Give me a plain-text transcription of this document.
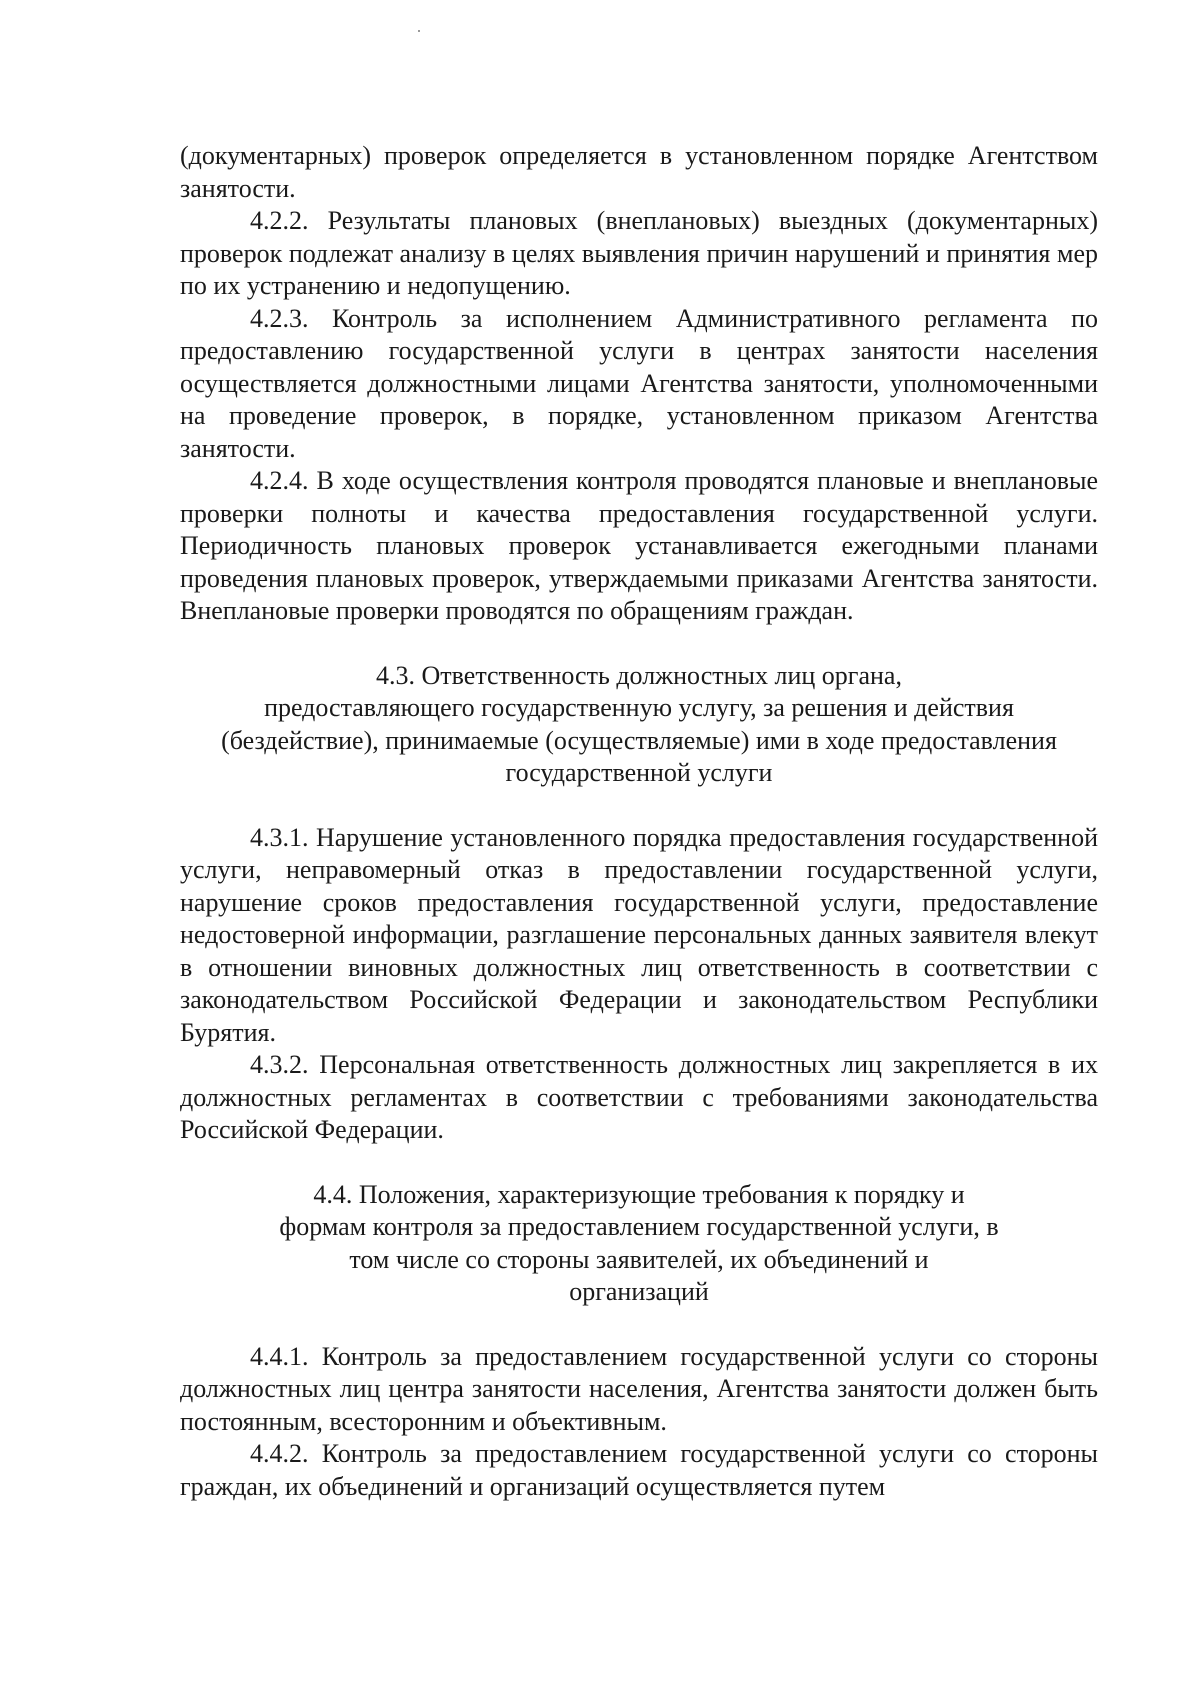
(документарных) проверок определяется в установленном порядке Агентством занятости.

4.2.2. Результаты плановых (внеплановых) выездных (документарных) проверок подлежат анализу в целях выявления причин нарушений и принятия мер по их устранению и недопущению.

4.2.3. Контроль за исполнением Административного регламента по предоставлению государственной услуги в центрах занятости населения осуществляется должностными лицами Агентства занятости, уполномоченными на проведение проверок, в порядке, установленном приказом Агентства занятости.

4.2.4. В ходе осуществления контроля проводятся плановые и внеплановые проверки полноты и качества предоставления государственной услуги. Периодичность плановых проверок устанавливается ежегодными планами проведения плановых проверок, утверждаемыми приказами Агентства занятости. Внеплановые проверки проводятся по обращениям граждан.

4.3. Ответственность должностных лиц органа,
предоставляющего государственную услугу, за решения и действия
(бездействие), принимаемые (осуществляемые) ими в ходе предоставления
государственной услуги

4.3.1. Нарушение установленного порядка предоставления государственной услуги, неправомерный отказ в предоставлении государственной услуги, нарушение сроков предоставления государственной услуги, предоставление недостоверной информации, разглашение персональных данных заявителя влекут в отношении виновных должностных лиц ответственность в соответствии с законодательством Российской Федерации и законодательством Республики Бурятия.

4.3.2. Персональная ответственность должностных лиц закрепляется в их должностных регламентах в соответствии с требованиями законодательства Российской Федерации.

4.4. Положения, характеризующие требования к порядку и
формам контроля за предоставлением государственной услуги, в
том числе со стороны заявителей, их объединений и
организаций

4.4.1. Контроль за предоставлением государственной услуги со стороны должностных лиц центра занятости населения, Агентства занятости должен быть постоянным, всесторонним и объективным.

4.4.2. Контроль за предоставлением государственной услуги со стороны граждан, их объединений и организаций осуществляется путем
